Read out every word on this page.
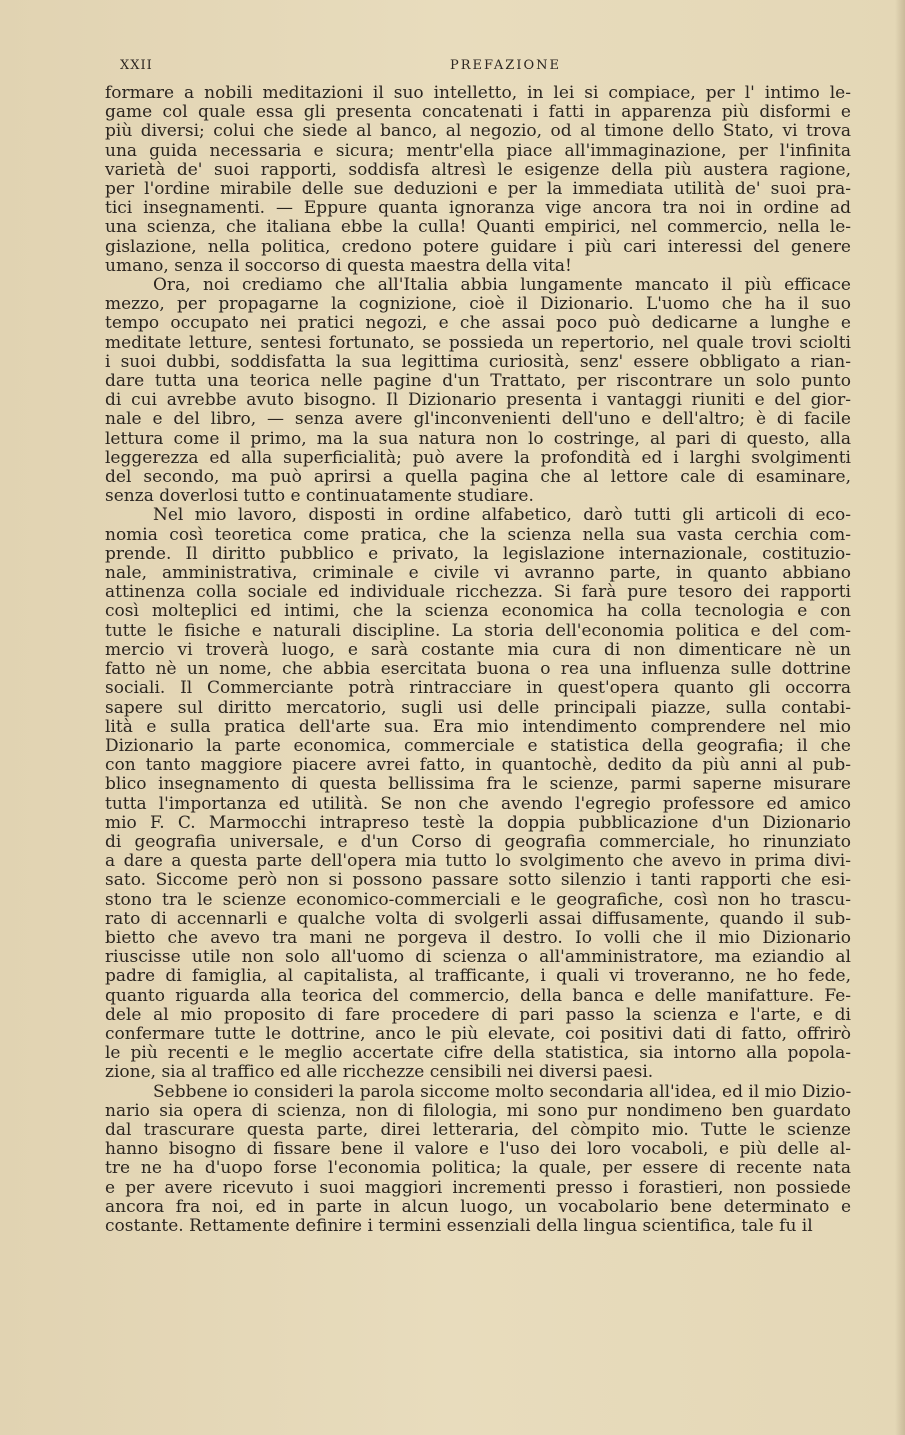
XXII	PREFAZIONE
formare a nobili meditazioni il suo intelletto, in lei si compiace, per l' intimo le-
game col quale essa gli presenta concatenati i fatti in apparenza più disformi e
più diversi; colui che siede al banco, al negozio, od al timone dello Stato, vi trova
una guida necessaria e sicura; mentr'ella piace all'immaginazione, per l'infinita
varietà de' suoi rapporti, soddisfa altresì le esigenze della più austera ragione,
per l'ordine mirabile delle sue deduzioni e per la immediata utilità de' suoi pra-
tici insegnamenti. — Eppure quanta ignoranza vige ancora tra noi in ordine ad
una scienza, che italiana ebbe la culla! Quanti empirici, nel commercio, nella le-
gislazione, nella politica, credono potere guidare i più cari interessi del genere
umano, senza il soccorso di questa maestra della vita!
Ora, noi crediamo che all'Italia abbia lungamente mancato il più efficace
mezzo, per propagarne la cognizione, cioè il Dizionario. L'uomo che ha il suo
tempo occupato nei pratici negozi, e che assai poco può dedicarne a lunghe e
meditate letture, sentesi fortunato, se possieda un repertorio, nel quale trovi sciolti
i suoi dubbi, soddisfatta la sua legittima curiosità, senz' essere obbligato a rian-
dare tutta una teorica nelle pagine d'un Trattato, per riscontrare un solo punto
di cui avrebbe avuto bisogno. Il Dizionario presenta i vantaggi riuniti e del gior-
nale e del libro, — senza avere gl'inconvenienti dell'uno e dell'altro; è di facile
lettura come il primo, ma la sua natura non lo costringe, al pari di questo, alla
leggerezza ed alla superficialità; può avere la profondità ed i larghi svolgimenti
del secondo, ma può aprirsi a quella pagina che al lettore cale di esaminare,
senza doverlosi tutto e continuatamente studiare.
Nel mio lavoro, disposti in ordine alfabetico, darò tutti gli articoli di eco-
nomia così teoretica come pratica, che la scienza nella sua vasta cerchia com-
prende. Il diritto pubblico e privato, la legislazione internazionale, costituzio-
nale, amministrativa, criminale e civile vi avranno parte, in quanto abbiano
attinenza colla sociale ed individuale ricchezza. Si farà pure tesoro dei rapporti
così molteplici ed intimi, che la scienza economica ha colla tecnologia e con
tutte le fisiche e naturali discipline. La storia dell'economia politica e del com-
mercio vi troverà luogo, e sarà costante mia cura di non dimenticare nè un
fatto nè un nome, che abbia esercitata buona o rea una influenza sulle dottrine
sociali. Il Commerciante potrà rintracciare in quest'opera quanto gli occorra
sapere sul diritto mercatorio, sugli usi delle principali piazze, sulla contabi-
lità e sulla pratica dell'arte sua. Era mio intendimento comprendere nel mio
Dizionario la parte economica, commerciale e statistica della geografia; il che
con tanto maggiore piacere avrei fatto, in quantochè, dedito da più anni al pub-
blico insegnamento di questa bellissima fra le scienze, parmi saperne misurare
tutta l'importanza ed utilità. Se non che avendo l'egregio professore ed amico
mio F. C. Marmocchi intrapreso testè la doppia pubblicazione d'un Dizionario
di geografia universale, e d'un Corso di geografia commerciale, ho rinunziato
a dare a questa parte dell'opera mia tutto lo svolgimento che avevo in prima divi-
sato. Siccome però non si possono passare sotto silenzio i tanti rapporti che esi-
stono tra le scienze economico-commerciali e le geografiche, così non ho trascu-
rato di accennarli e qualche volta di svolgerli assai diffusamente, quando il sub-
bietto che avevo tra mani ne porgeva il destro. Io volli che il mio Dizionario
riuscisse utile non solo all'uomo di scienza o all'amministratore, ma eziandio al
padre di famiglia, al capitalista, al trafficante, i quali vi troveranno, ne ho fede,
quanto riguarda alla teorica del commercio, della banca e delle manifatture. Fe-
dele al mio proposito di fare procedere di pari passo la scienza e l'arte, e di
confermare tutte le dottrine, anco le più elevate, coi positivi dati di fatto, offrirò
le più recenti e le meglio accertate cifre della statistica, sia intorno alla popola-
zione, sia al traffico ed alle ricchezze censibili nei diversi paesi.
Sebbene io consideri la parola siccome molto secondaria all'idea, ed il mio Dizio-
nario sia opera di scienza, non di filologia, mi sono pur nondimeno ben guardato
dal trascurare questa parte, direi letteraria, del còmpito mio. Tutte le scienze
hanno bisogno di fissare bene il valore e l'uso dei loro vocaboli, e più delle al-
tre ne ha d'uopo forse l'economia politica; la quale, per essere di recente nata
e per avere ricevuto i suoi maggiori incrementi presso i forastieri, non possiede
ancora fra noi, ed in parte in alcun luogo, un vocabolario bene determinato e
costante. Rettamente definire i termini essenziali della lingua scientifica, tale fu il
